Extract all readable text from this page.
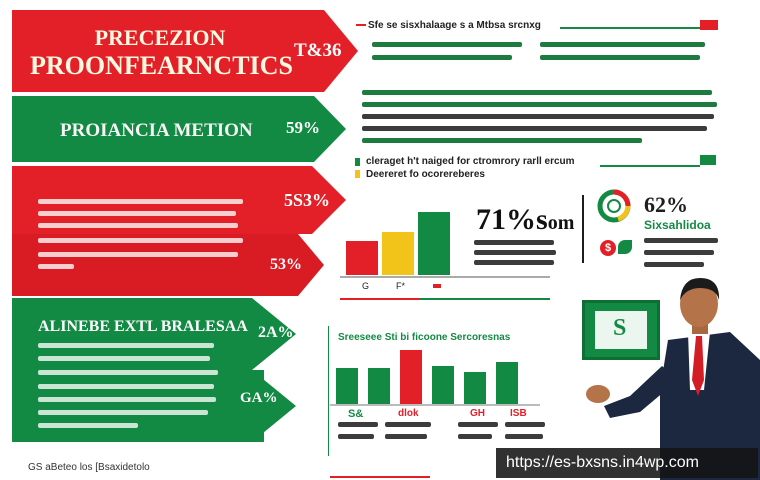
PRECEZION
PROONFEARNCTICS
T&36
PROIANCIA METION 59%
5S3%
53%
ALINEBE EXTL BRALESAA 2A%
GA%
GS aBeteo los [Bsaxidetolo
Sfe se sisxhalaage s a Mtbsa srcnxg
cleraget h't naiged for ctromrory rarll ercum
Deereret fo ocorereberes
G	F*
71%som
$
62%
Sixsahlidoa
Sreeseee Sti bi ficoone Sercoresnas
S&	dlok	GH	ISB
S
https://es-bxsns.in4wp.com
